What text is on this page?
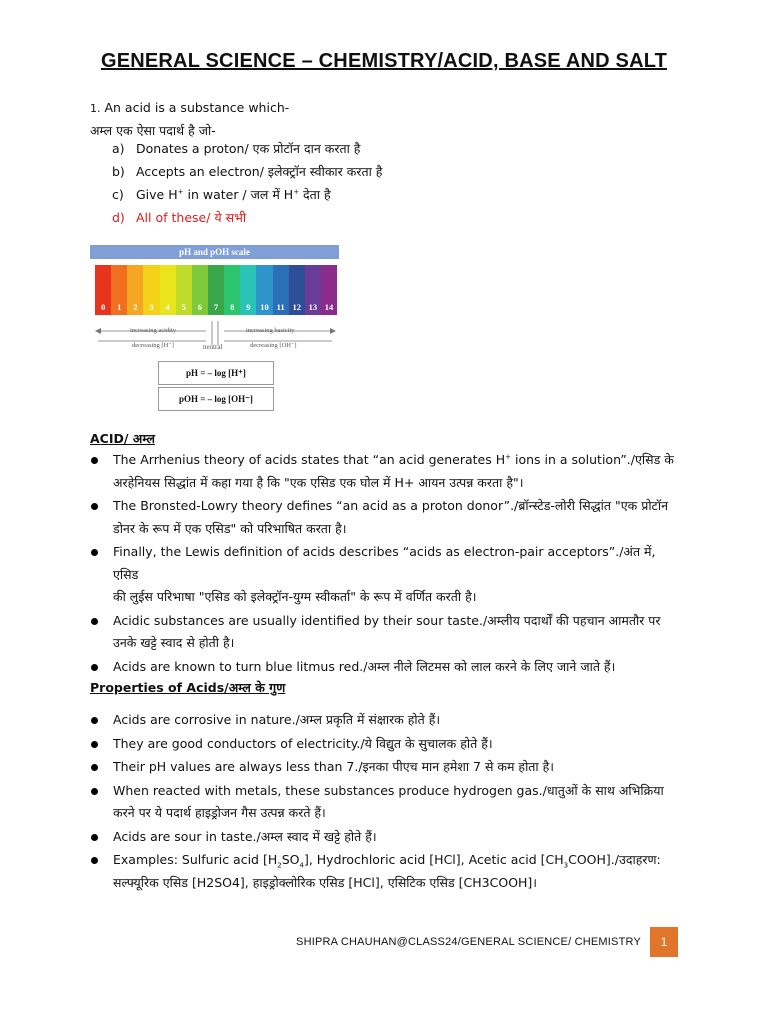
GENERAL SCIENCE – CHEMISTRY/ACID, BASE AND SALT
1. An acid is a substance which-
अम्ल एक ऐसा पदार्थ है जो-
a) Donates a proton/ एक प्रोटॉन दान करता है
b) Accepts an electron/ इलेक्ट्रॉन स्वीकार करता है
c) Give H+ in water / जल में H+ देता है
d) All of these/ ये सभी
pH and pOH scale
0	1	2	3	4	5	6	7	8	9	10 11 12 13 14
increasing acidity	increasing basicity
decreasing [H⁻]	decreasing [OH⁻]
neutral
pH = – log [H⁺]
pOH = – log [OH⁻]
ACID/ अम्ल
The Arrhenius theory of acids states that “an acid generates H+ ions in a solution”./एसिड के
अरहेनियस सिद्धांत में कहा गया है कि "एक एसिड एक घोल में H+ आयन उत्पन्न करता है"।
The Bronsted-Lowry theory defines “an acid as a proton donor”./ब्रॉन्स्टेड-लोरी सिद्धांत "एक प्रोटॉन
डोनर के रूप में एक एसिड" को परिभाषित करता है।
Finally, the Lewis definition of acids describes “acids as electron-pair acceptors”./अंत में, एसिड
की लुईस परिभाषा "एसिड को इलेक्ट्रॉन-युग्म स्वीकर्ता" के रूप में वर्णित करती है।
Acidic substances are usually identified by their sour taste./अम्लीय पदार्थों की पहचान आमतौर पर
उनके खट्टे स्वाद से होती है।
Acids are known to turn blue litmus red./अम्ल नीले लिटमस को लाल करने के लिए जाने जाते हैं।
Properties of Acids/अम्ल के गुण
Acids are corrosive in nature./अम्ल प्रकृति में संक्षारक होते हैं।
They are good conductors of electricity./ये विद्युत के सुचालक होते हैं।
Their pH values are always less than 7./इनका पीएच मान हमेशा 7 से कम होता है।
When reacted with metals, these substances produce hydrogen gas./धातुओं के साथ अभिक्रिया
करने पर ये पदार्थ हाइड्रोजन गैस उत्पन्न करते हैं।
Acids are sour in taste./अम्ल स्वाद में खट्टे होते हैं।
Examples: Sulfuric acid $[H_2SO_4]$, Hydrochloric acid [HCl], Acetic acid $[CH_3COOH]./उदाहरण$:
सल्फ्यूरिक एसिड [H2SO4], हाइड्रोक्लोरिक एसिड [HCl], एसिटिक एसिड [CH3COOH]।
SHIPRA CHAUHAN@CLASS24/GENERAL SCIENCE/ CHEMISTRY	1
